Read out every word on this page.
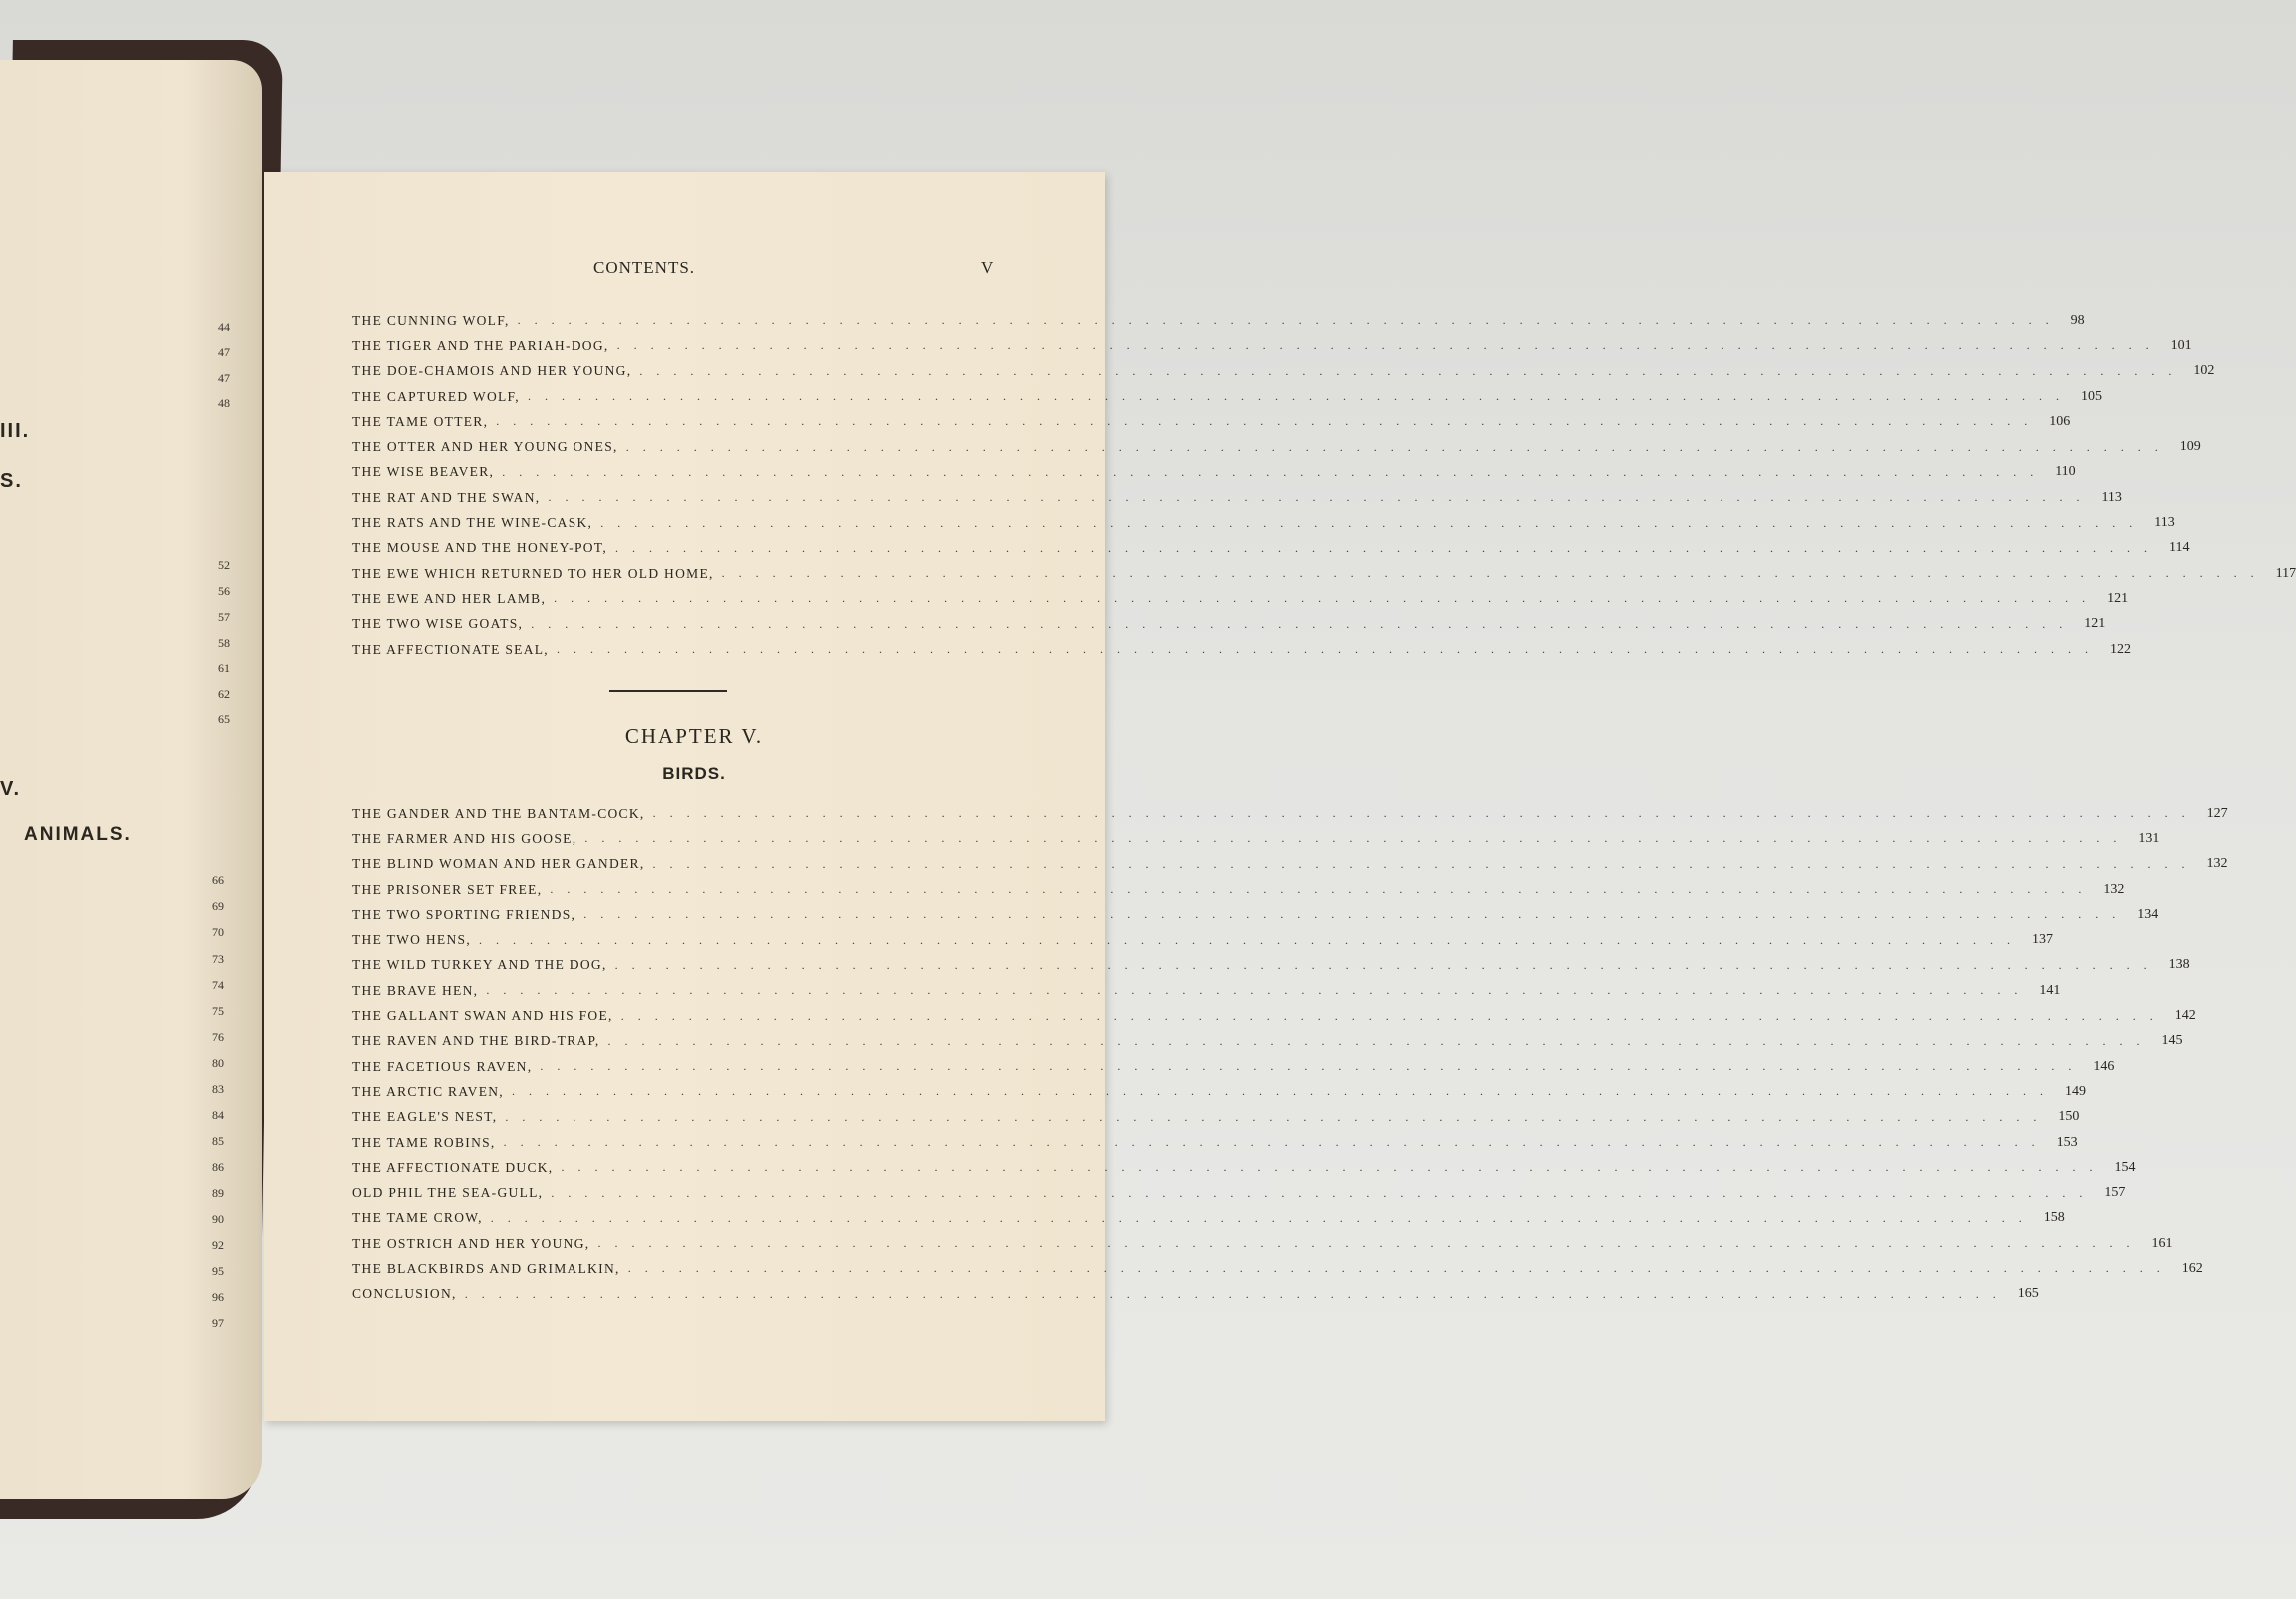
III.
S.
V.
ANIMALS.
44
47
47
48
52
56
57
58
61
62
65
66
69
70
73
74
75
76
80
83
84
85
86
89
90
92
95
96
97
CONTENTS.	V
THE CUNNING WOLF, ........................................................................................... 98
THE TIGER AND THE PARIAH-DOG, ........................................................................................... 101
THE DOE-CHAMOIS AND HER YOUNG, ........................................................................................... 102
THE CAPTURED WOLF, ........................................................................................... 105
THE TAME OTTER, ........................................................................................... 106
THE OTTER AND HER YOUNG ONES, ........................................................................................... 109
THE WISE BEAVER, ........................................................................................... 110
THE RAT AND THE SWAN, ........................................................................................... 113
THE RATS AND THE WINE-CASK, ........................................................................................... 113
THE MOUSE AND THE HONEY-POT, ........................................................................................... 114
THE EWE WHICH RETURNED TO HER OLD HOME, ........................................................................................... 117
THE EWE AND HER LAMB, ........................................................................................... 121
THE TWO WISE GOATS, ........................................................................................... 121
THE AFFECTIONATE SEAL, ........................................................................................... 122
CHAPTER V.
BIRDS.
THE GANDER AND THE BANTAM-COCK, ........................................................................................... 127
THE FARMER AND HIS GOOSE, ........................................................................................... 131
THE BLIND WOMAN AND HER GANDER, ........................................................................................... 132
THE PRISONER SET FREE, ........................................................................................... 132
THE TWO SPORTING FRIENDS, ........................................................................................... 134
THE TWO HENS, ........................................................................................... 137
THE WILD TURKEY AND THE DOG, ........................................................................................... 138
THE BRAVE HEN, ........................................................................................... 141
THE GALLANT SWAN AND HIS FOE, ........................................................................................... 142
THE RAVEN AND THE BIRD-TRAP, ........................................................................................... 145
THE FACETIOUS RAVEN, ........................................................................................... 146
THE ARCTIC RAVEN, ........................................................................................... 149
THE EAGLE'S NEST, ........................................................................................... 150
THE TAME ROBINS, ........................................................................................... 153
THE AFFECTIONATE DUCK, ........................................................................................... 154
OLD PHIL THE SEA-GULL, ........................................................................................... 157
THE TAME CROW, ........................................................................................... 158
THE OSTRICH AND HER YOUNG, ........................................................................................... 161
THE BLACKBIRDS AND GRIMALKIN, ........................................................................................... 162
CONCLUSION, ........................................................................................... 165
